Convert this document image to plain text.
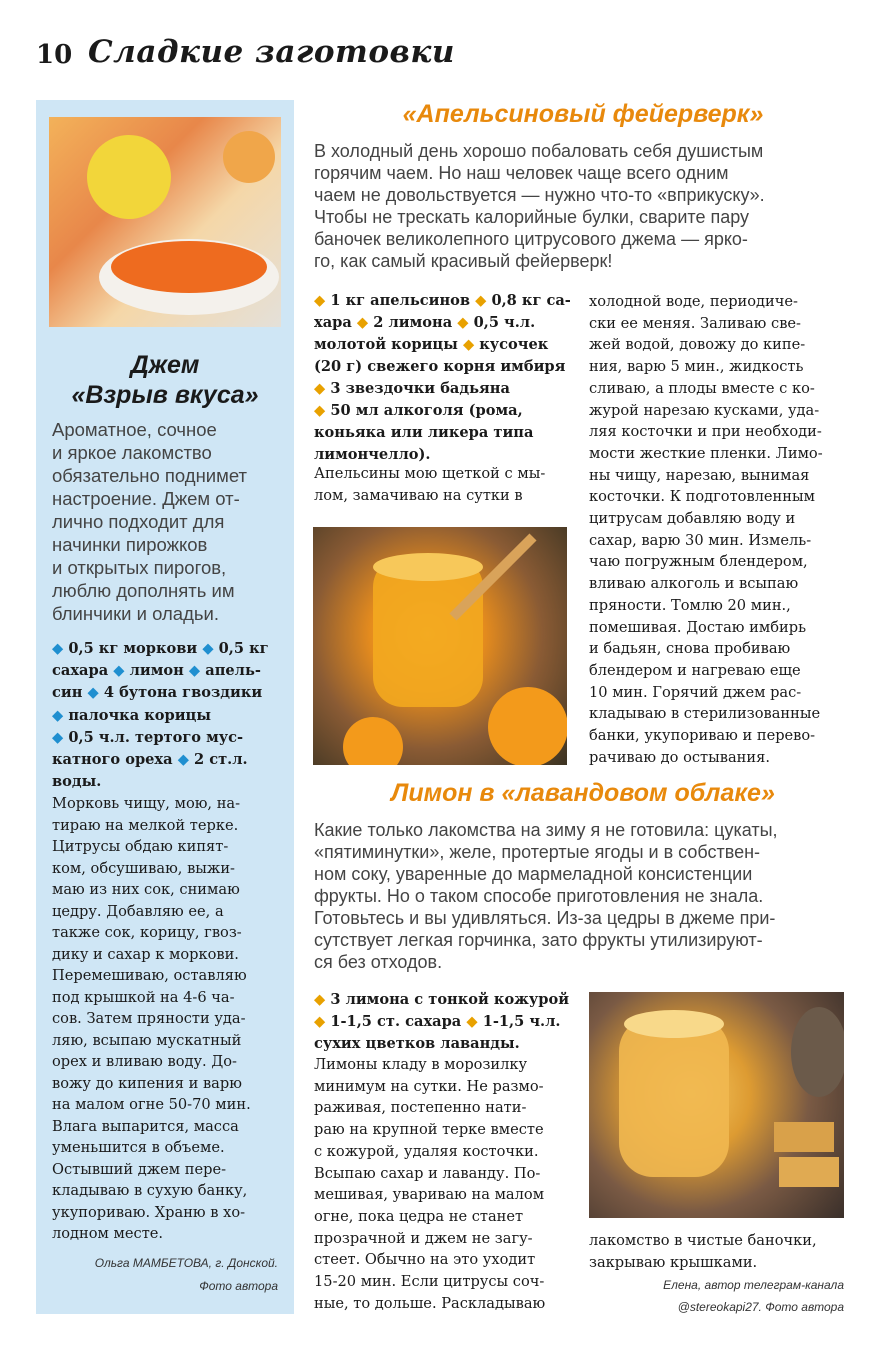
10 Сладкие заготовки
Джем
«Взрыв вкуса»
Ароматное, сочное
и яркое лакомство
обязательно поднимет
настроение. Джем от-
лично подходит для
начинки пирожков
и открытых пирогов,
люблю дополнять им
блинчики и оладьи.
◆ 0,5 кг моркови ◆ 0,5 кг
сахара ◆ лимон ◆ апель-
син ◆ 4 бутона гвоздики
◆ палочка корицы
◆ 0,5 ч.л. тертого мус-
катного ореха ◆ 2 ст.л.
воды.
Морковь чищу, мою, на-
тираю на мелкой терке.
Цитрусы обдаю кипят-
ком, обсушиваю, выжи-
маю из них сок, снимаю
цедру. Добавляю ее, а
также сок, корицу, гвоз-
дику и сахар к моркови.
Перемешиваю, оставляю
под крышкой на 4-6 ча-
сов. Затем пряности уда-
ляю, всыпаю мускатный
орех и вливаю воду. До-
вожу до кипения и варю
на малом огне 50-70 мин.
Влага выпарится, масса
уменьшится в объеме.
Остывший джем пере-
кладываю в сухую банку,
укупориваю. Храню в хо-
лодном месте.
Ольга МАМБЕТОВА, г. Донской.
Фото автора
«Апельсиновый фейерверк»
В холодный день хорошо побаловать себя душистым
горячим чаем. Но наш человек чаще всего одним
чаем не довольствуется — нужно что-то «вприкуску».
Чтобы не трескать калорийные булки, сварите пару
баночек великолепного цитрусового джема — ярко-
го, как самый красивый фейерверк!
◆ 1 кг апельсинов ◆ 0,8 кг са-
хара ◆ 2 лимона ◆ 0,5 ч.л.
молотой корицы ◆ кусочек
(20 г) свежего корня имбиря
◆ 3 звездочки бадьяна
◆ 50 мл алкоголя (рома,
коньяка или ликера типа
лимончелло).
Апельсины мою щеткой с мы-
лом, замачиваю на сутки в
холодной воде, периодиче-
ски ее меняя. Заливаю све-
жей водой, довожу до кипе-
ния, варю 5 мин., жидкость
сливаю, а плоды вместе с ко-
журой нарезаю кусками, уда-
ляя косточки и при необходи-
мости жесткие пленки. Лимо-
ны чищу, нарезаю, вынимая
косточки. К подготовленным
цитрусам добавляю воду и
сахар, варю 30 мин. Измель-
чаю погружным блендером,
вливаю алкоголь и всыпаю
пряности. Томлю 20 мин.,
помешивая. Достаю имбирь
и бадьян, снова пробиваю
блендером и нагреваю еще
10 мин. Горячий джем рас-
кладываю в стерилизованные
банки, укупориваю и перево-
рачиваю до остывания.
Лимон в «лавандовом облаке»
Какие только лакомства на зиму я не готовила: цукаты,
«пятиминутки», желе, протертые ягоды и в собствен-
ном соку, уваренные до мармеладной консистенции
фрукты. Но о таком способе приготовления не знала.
Готовьтесь и вы удивляться. Из-за цедры в джеме при-
сутствует легкая горчинка, зато фрукты утилизируют-
ся без отходов.
◆ 3 лимона с тонкой кожурой
◆ 1-1,5 ст. сахара ◆ 1-1,5 ч.л.
сухих цветков лаванды.
Лимоны кладу в морозилку
минимум на сутки. Не размо-
раживая, постепенно нати-
раю на крупной терке вместе
с кожурой, удаляя косточки.
Всыпаю сахар и лаванду. По-
мешивая, увариваю на малом
огне, пока цедра не станет
прозрачной и джем не загу-
стеет. Обычно на это уходит
15-20 мин. Если цитрусы соч-
ные, то дольше. Раскладываю
лакомство в чистые баночки,
закрываю крышками.
Елена, автор телеграм-канала
@stereokapi27. Фото автора
